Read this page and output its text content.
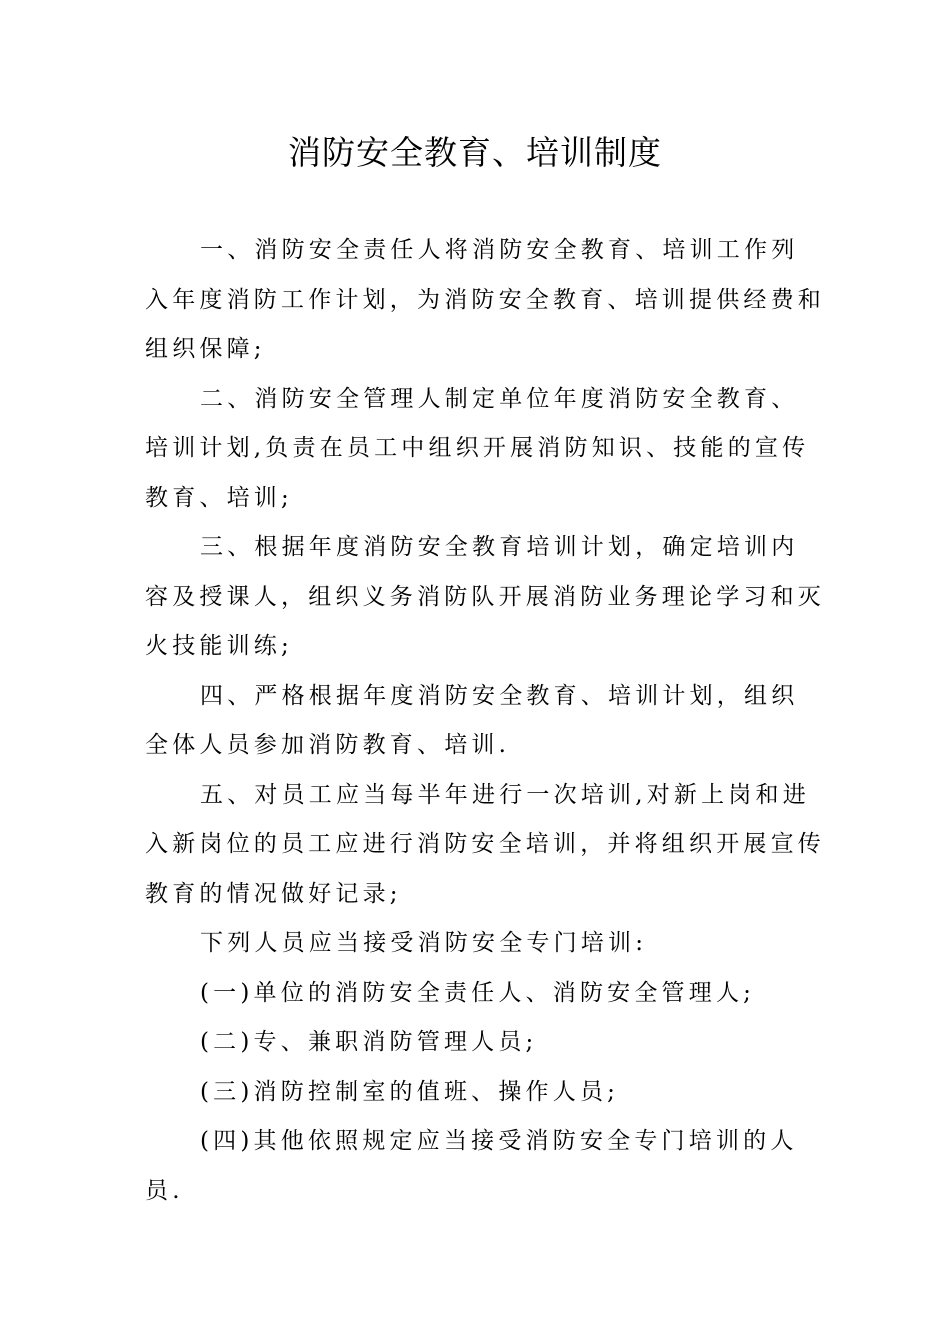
消防安全教育、培训制度

一、消防安全责任人将消防安全教育、培训工作列入年度消防工作计划，为消防安全教育、培训提供经费和组织保障;

二、消防安全管理人制定单位年度消防安全教育、培训计划,负责在员工中组织开展消防知识、技能的宣传教育、培训;

三、根据年度消防安全教育培训计划，确定培训内容及授课人，组织义务消防队开展消防业务理论学习和灭火技能训练;

四、严格根据年度消防安全教育、培训计划，组织全体人员参加消防教育、培训.

五、对员工应当每半年进行一次培训,对新上岗和进入新岗位的员工应进行消防安全培训，并将组织开展宣传教育的情况做好记录;

下列人员应当接受消防安全专门培训:

(一)单位的消防安全责任人、消防安全管理人;

(二)专、兼职消防管理人员;

(三)消防控制室的值班、操作人员;

(四)其他依照规定应当接受消防安全专门培训的人员.
